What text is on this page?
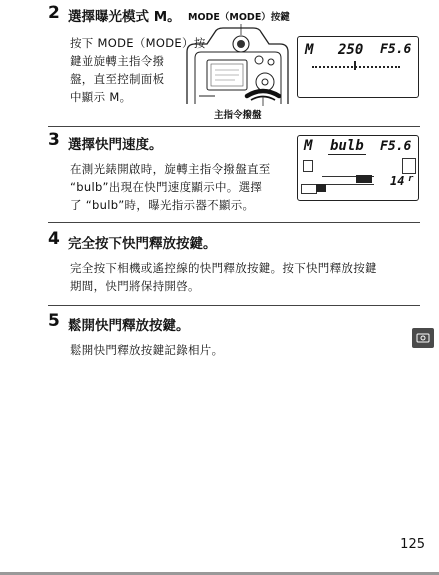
2 選擇曝光模式 M。
按下 MODE（MODE）按
鍵並旋轉主指令撥
盤，直至控制面板
中顯示 M。
MODE（MODE）按鍵
主指令撥盤
M 250 F5.6
3 選擇快門速度。
在測光錶開啟時，旋轉主指令撥盤直至
“bulb”出現在快門速度顯示中。選擇
了 “bulb”時，曝光指示器不顯示。
M bulb F5.6
14 r
4 完全按下快門釋放按鍵。
完全按下相機或遙控線的快門釋放按鍵。按下快門釋放按鍵
期間，快門將保持開啓。
5 鬆開快門釋放按鍵。
鬆開快門釋放按鍵記錄相片。
125
